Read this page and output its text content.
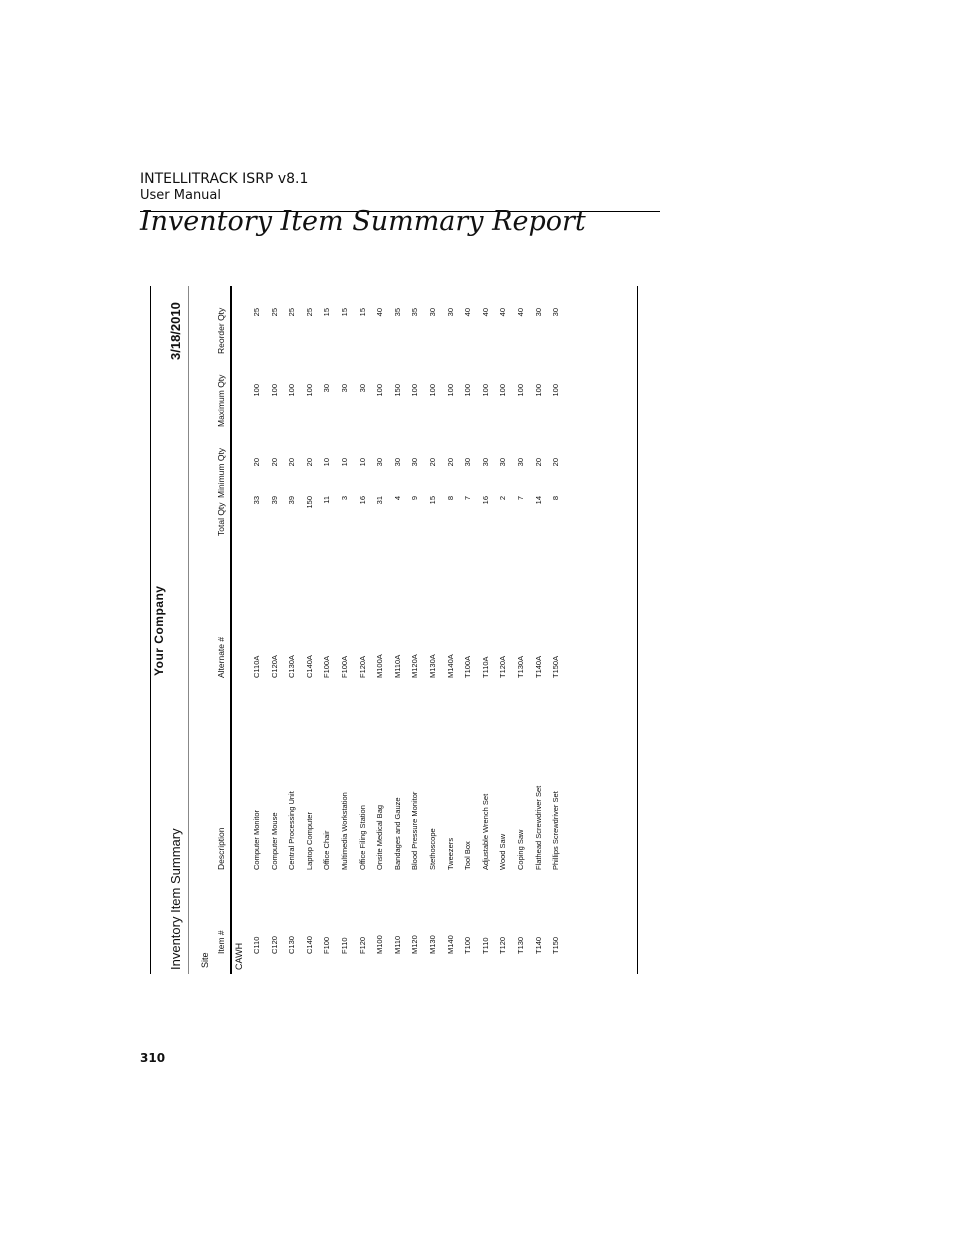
INTELLITRACK ISRP v8.1
User Manual
Inventory Item Summary Report
Inventory Item Summary
Your Company
3/18/2010
Site
Item #
Description
Alternate #
Total Qty
Minimum Qty
Maximum Qty
Reorder Qty
CAWH C110
Computer Monitor
C110A
33
20
100
25
C120
Computer Mouse
C120A
39
20
100
25
C130
Central Processing Unit
C130A
39
20
100
25
C140
Laptop Computer
C140A
150
20
100
25
F100
Office Chair
F100A
11
10
30
15
F110
Multimedia Workstation
F100A
3
10
30
15
F120
Office Filing Station
F120A
16
10
30
15
M100
Onsite Medical Bag
M100A
31
30
100
40
M110
Bandages and Gauze
M110A
4
30
150
35
M120
Blood Pressure Monitor
M120A
9
30
100
35
M130
Stethoscope
M130A
15
20
100
30
M140
Tweezers
M140A
8
20
100
30
T100
Tool Box
T100A
7
30
100
40
T110
Adjustable Wrench Set
T110A
16
30
100
40
T120
Wood Saw
T120A
2
30
100
40
T130
Coping Saw
T130A
7
30
100
40
T140
Flathead Screwdriver Set
T140A
14
20
100
30
T150
Phillips Screwdriver Set
T150A
8
20
100
30
310
